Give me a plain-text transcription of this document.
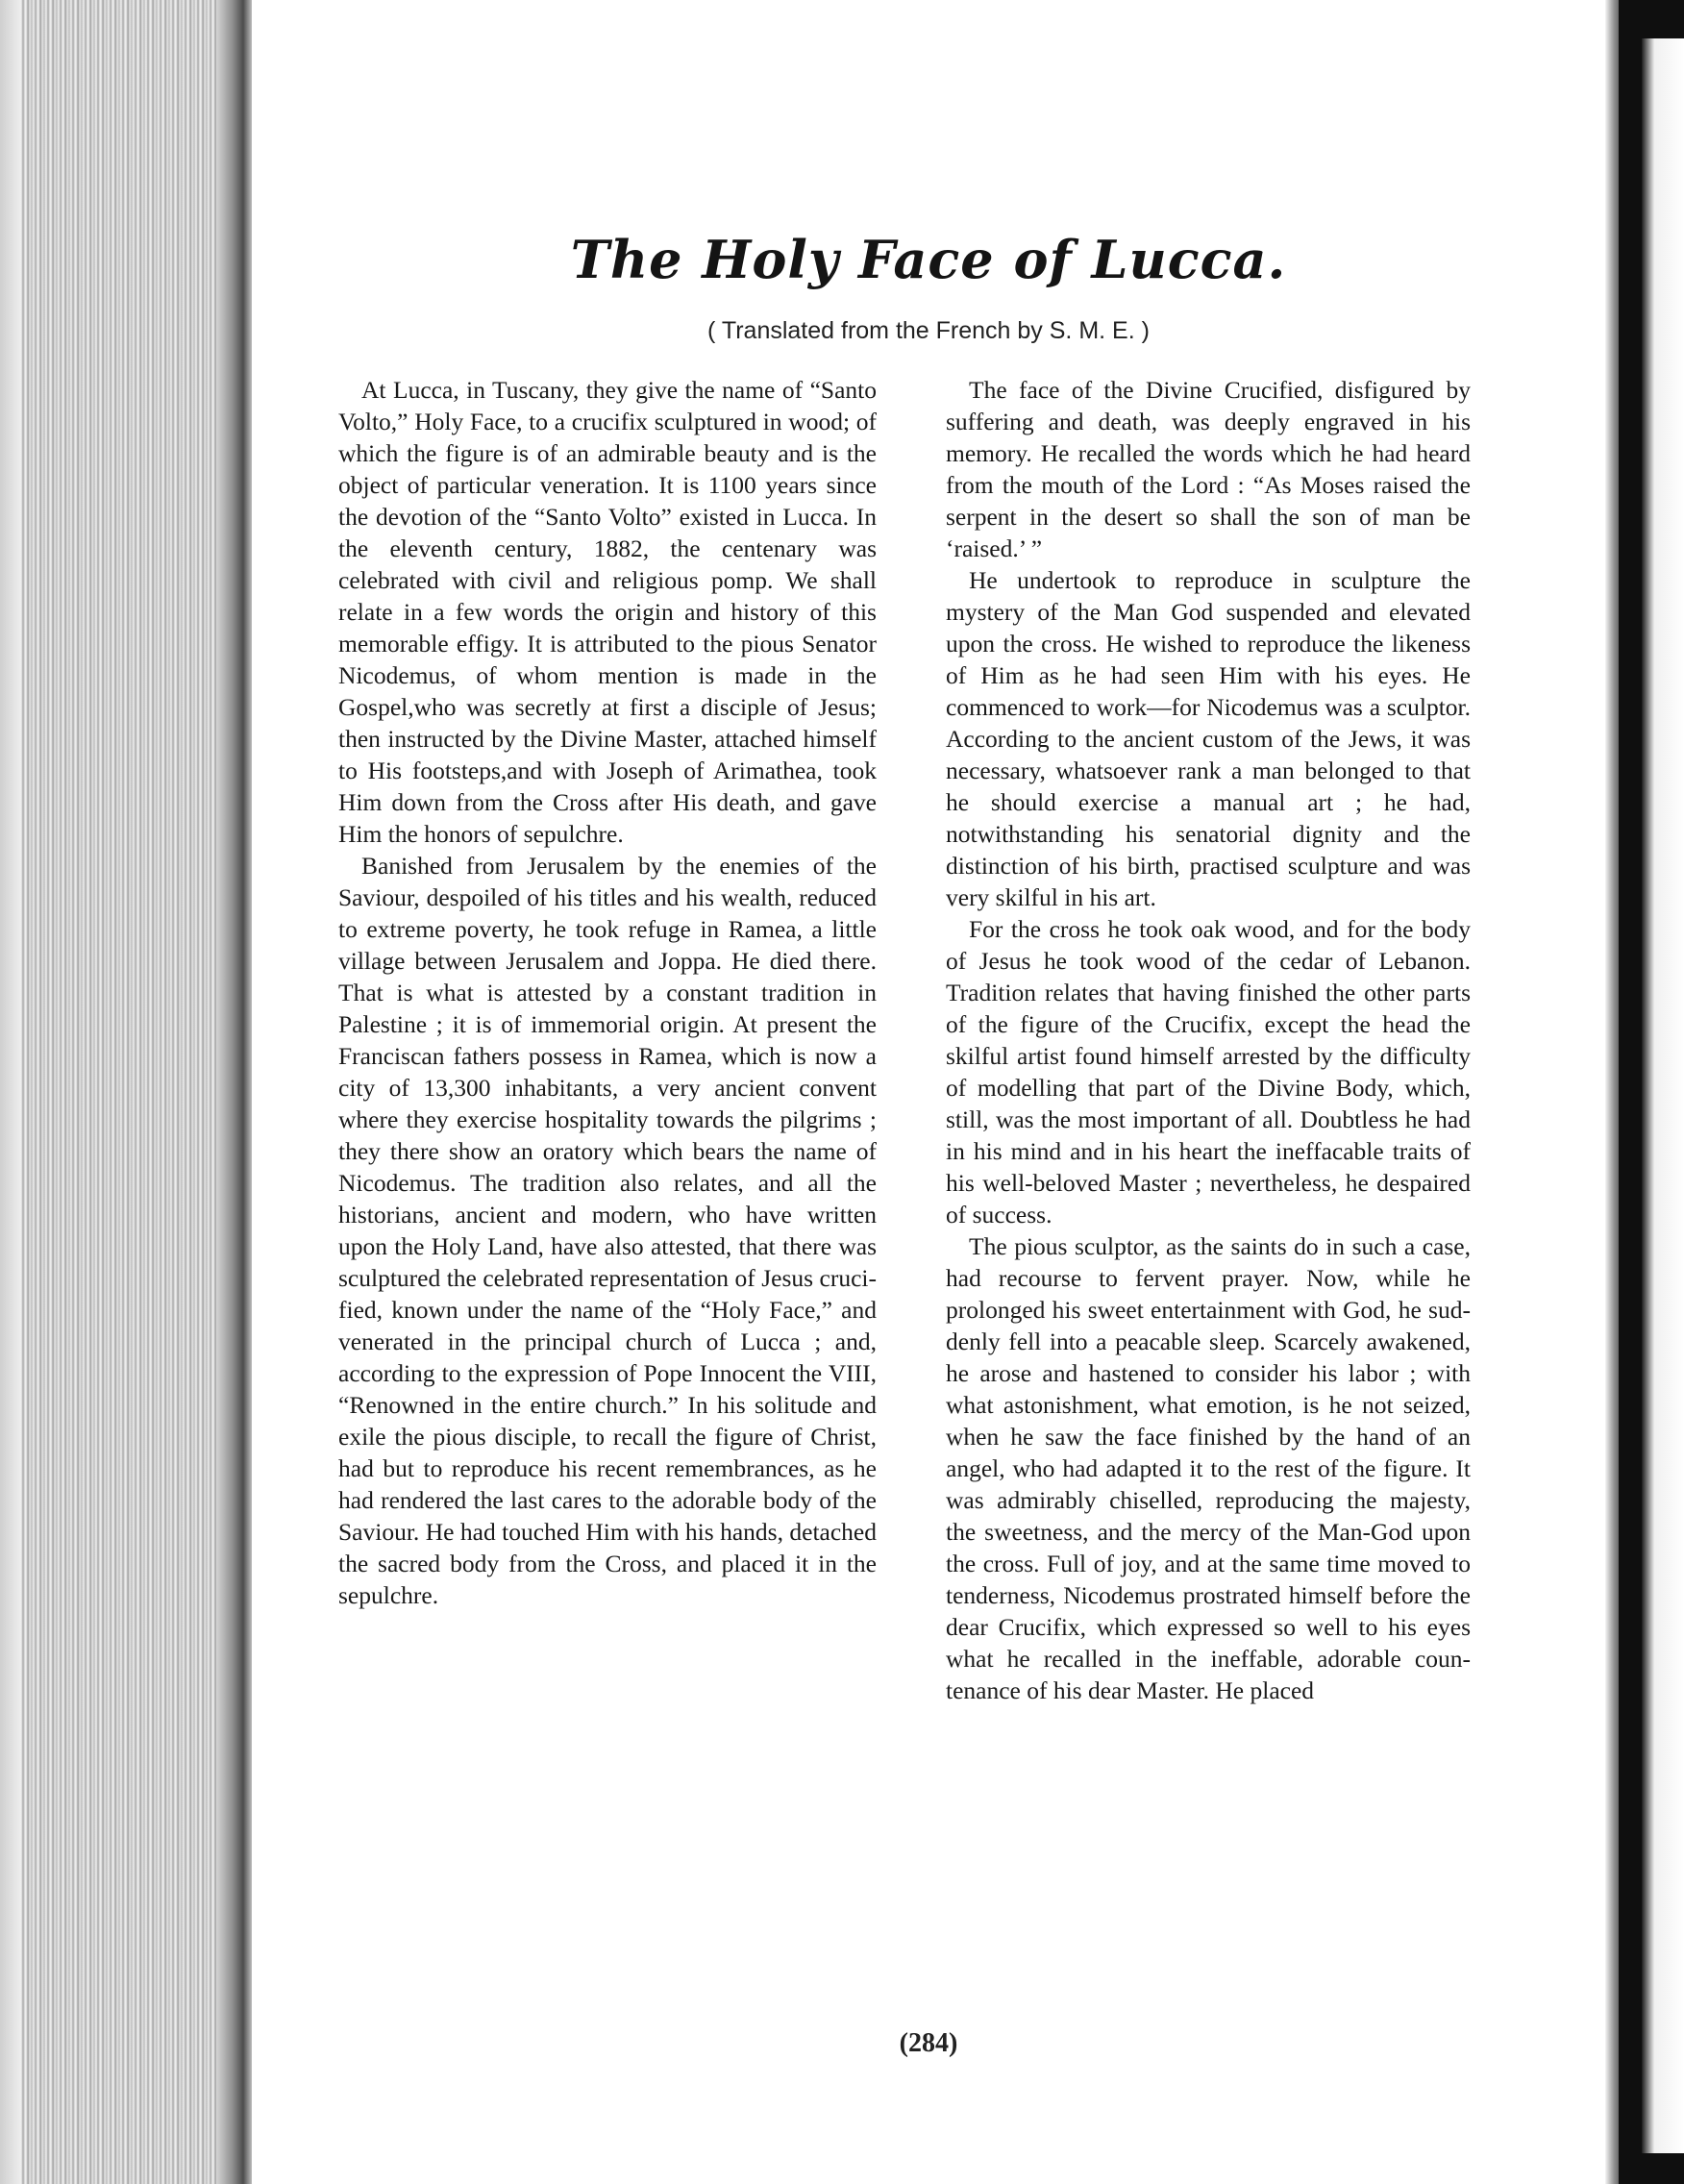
The Holy Face of Lucca.
( Translated from the French by S. M. E. )

At Lucca, in Tuscany, they give the name of “Santo Volto,” Holy Face, to a crucifix sculptured in wood; of which the figure is of an admirable beauty and is the object of particular veneration. It is 1100 years since the devotion of the “Santo Volto” existed in Lucca. In the eleventh century, 1882, the centenary was celebrated with civil and religious pomp. We shall relate in a few words the origin and history of this memorable effigy. It is attributed to the pious Senator Nicodemus, of whom mention is made in the Gospel,who was secretly at first a disciple of Jesus; then instructed by the Divine Master, attached himself to His footsteps,and with Joseph of Arimathea, took Him down from the Cross after His death, and gave Him the honors of sepulchre.

Banished from Jerusalem by the enemies of the Saviour, despoiled of his titles and his wealth, reduced to extreme poverty, he took refuge in Ramea, a little village between Jerusalem and Joppa. He died there. That is what is attested by a constant tradition in Palestine ; it is of immemorial origin. At present the Franciscan fathers possess in Ramea, which is now a city of 13,300 inhabitants, a very ancient convent where they exercise hospitality towards the pilgrims ; they there show an oratory which bears the name of Nicodemus. The tradition also relates, and all the historians, ancient and modern, who have written upon the Holy Land, have also attested, that there was sculptured the celebrated representation of Jesus crucified, known under the name of the “Holy Face,” and venerated in the principal church of Lucca ; and, according to the expression of Pope Innocent the VIII, “Renowned in the entire church.” In his solitude and exile the pious disciple, to recall the figure of Christ, had but to reproduce his recent remembrances, as he had rendered the last cares to the adorable body of the Saviour. He had touched Him with his hands, detached the sacred body from the Cross, and placed it in the sepulchre.

The face of the Divine Crucified, disfigured by suffering and death, was deeply engraved in his memory. He recalled the words which he had heard from the mouth of the Lord : “As Moses raised the serpent in the desert so shall the son of man be ‘raised.’ ”

He undertook to reproduce in sculpture the mystery of the Man God suspended and elevated upon the cross. He wished to reproduce the likeness of Him as he had seen Him with his eyes. He commenced to work—for Nicodemus was a sculptor. According to the ancient custom of the Jews, it was necessary, whatsoever rank a man belonged to that he should exercise a manual art ; he had, notwithstanding his senatorial dignity and the distinction of his birth, practised sculpture and was very skilful in his art.

For the cross he took oak wood, and for the body of Jesus he took wood of the cedar of Lebanon. Tradition relates that having finished the other parts of the figure of the Crucifix, except the head the skilful artist found himself arrested by the difficulty of modelling that part of the Divine Body, which, still, was the most important of all. Doubtless he had in his mind and in his heart the ineffacable traits of his well-beloved Master ; nevertheless, he despaired of success.

The pious sculptor, as the saints do in such a case, had recourse to fervent prayer. Now, while he prolonged his sweet entertainment with God, he suddenly fell into a peacable sleep. Scarcely awakened, he arose and hastened to consider his labor ; with what astonishment, what emotion, is he not seized, when he saw the face finished by the hand of an angel, who had adapted it to the rest of the figure. It was admirably chiselled, reproducing the majesty, the sweetness, and the mercy of the Man-God upon the cross. Full of joy, and at the same time moved to tenderness, Nicodemus prostrated himself before the dear Crucifix, which expressed so well to his eyes what he recalled in the ineffable, adorable countenance of his dear Master. He placed

(284)
